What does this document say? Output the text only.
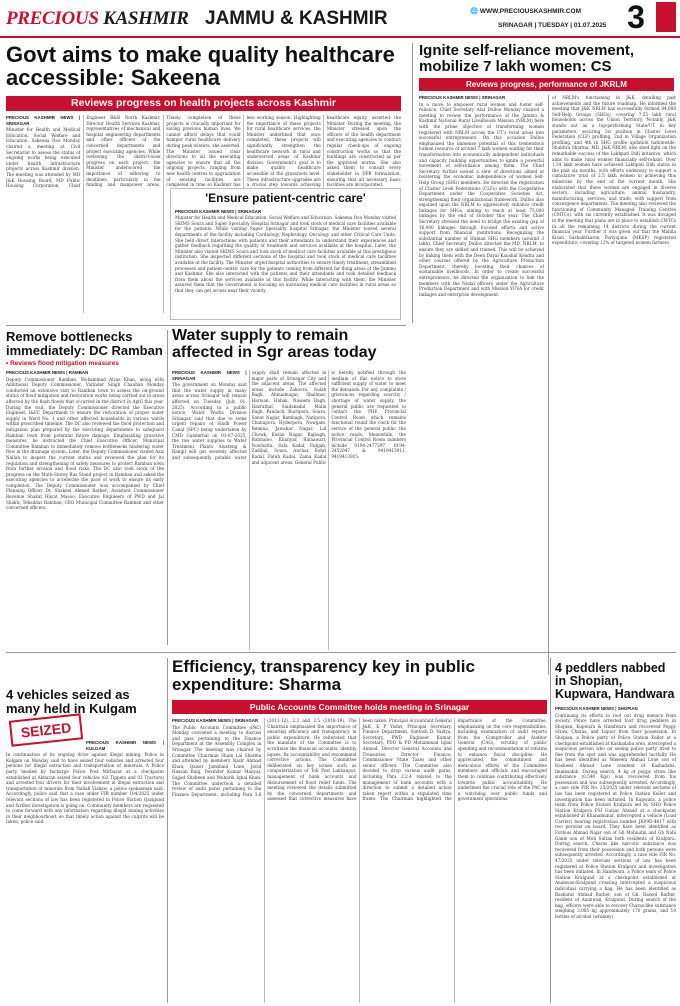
PRECIOUS KASHMIR JAMMU & KASHMIR	🌐 WWW.PRECIOUSKASHMIR.COM
SRINAGAR | TUESDAY | 01.07.2025 3
Govt aims to make quality healthcare accessible: Sakeena
Reviews progress on health projects across Kashmir
PRECIOUS KASHMIR NEWS | SRINAGAR

Minister for Health and Medical Education, Social Welfare and Education, Sakeena Itoo Monday chaired a meeting at Civil Secretariat to assess the status of ongoing works being executed under health infrastructure projects across Kashmir division. The meeting was attended by MD J&K Housing Board, MD Public Housing Corporation, Chief Engineer R&B North Kashmir, Director Health Services Kashmir, representatives of mechanical and hospital engineering departments and other officers of the concerned departments and project executing agencies. While reviewing the district-wise progress on each project, the Minister underscored the importance of adhering to deadlines, particularly in the funding and manpower areas. Timely completion of these projects is crucially important for saving precious human lives. We cannot afford delays that could hamper rural healthcare delivery during peak winters, she asserted. The Minister issued clear directions to all the executing agencies to ensure that all the ongoing projects, ranging from new health centres to upgradation of existing facilities, are completed in time so Kashmir has less working season. Highlighting the importance of these projects for rural healthcare services, the Minister underlined that once completed, these projects will significantly strengthen the healthcare network in rural and underserved areas of Kashmir division. Government's goal is to make quality healthcare accessible at the grassroots level. These infrastructure upgrades are a crucial step towards achieving healthcare equity, asserted the Minister. During the meeting, the Minister stressed upon the officers of the health department and executing agencies to conduct regular check-ups of ongoing construction works so that the buildings are constructed as per the approved norms. She also asked them to consult every stakeholder in DPR formulation, ensuring that all necessary basic facilities are incorporated.

'Ensure patient-centric care'
PRECIOUS KASHMIR NEWS | SRINAGAR

Minister for Health and Medical Education, Social Welfare and Education, Sakeena Itoo Monday visited SKIMS Soura and Super Speciality Hospital Srinagar and took stock of medical care facilities available for the patients. While visiting Super Speciality hospital Srinagar, the Minister toured several departments of the facility including Cardiology, Nephrology, Oncology and other Critical Care Units. She held direct interactions with patients and their attendants to understand their experiences and gather feedback regarding the quality of treatment and services available at the hospital. Later, the Minister also visited SKIMS Soura and took stock of medical care facilities available at this prestigious institution. She inspected different sections of the hospital and took stock of medical care facilities available at the facility. The Minister urged hospital authorities to ensure timely treatment, streamlined processes and patient-centric care for the patients coming from different far flung areas of the Jammu and Kashmir. She also interacted with the patients and their attendants and took detailed feedback from them about the services available at this facility. While interacting with them, the Minister assured them that the Government is focusing on increasing medical care facilities in rural areas so that they can get access near their vicinity.

Ignite self-reliance movement, mobilize 7 lakh women: CS
Reviews progress, performance of JKRLM
PRECIOUS KASHMIR NEWS | SRINAGAR

In a move to empower rural women and foster self-reliance, Chief Secretary Atal Dulloo Monday chaired a meeting to review the performance of the Jammu & Kashmir National Rural Livelihoods Mission (NRLM) here with the prime objective of transforming women registered with NRLM across the UT's rural areas into successful entrepreneurs. On this occasion Dulloo emphasized the immense potential of this tremendous human resource of around 7 lakh women waiting for their transformation into economically independent individuals and capacity building opportunities to ignite a powerful movement of self-reliance among them. The Chief Secretary further issued a slew of directions aimed at bolstering the economic independence of women Self-Help Group (SHG) members. He directed the registration of Cluster Level Federations (CLFs) with the Cooperative Department under the Cooperative Societies Act, strengthening their organizational framework. Dulloo also enjoined upon the NRLM to aggressively enhance credit linkages for SHGs, aiming to reach at least 75,000 linkages by the end of October this year. The Chief Secretary stressed the need to bridge the existing gap of 16,000 linkages through focused efforts and active support from financial institutions. Recognizing the substantial number of Human SHG members (around 3 lakh), Chief Secretary Dulloo directed the MD, NRLM, to ensure they are skilled and trained. This will be achieved by linking them with the Deen Dayal Kaushal Kendra and other courses offered by the Agriculture Production Department, thereby boosting their chances of sustainable livelihoods. In order to create successful entrepreneurs, he directed the organization to link the members with the Nodal officers under the Agriculture Production Department and with Mission YUVA for credit linkages and enterprise development.

of NRLM's functioning in J&K, detailing past achievements and the future roadmap. He informed the meeting that J&K NRLM has successfully formed 94,000 Self-Help Groups (SHGs), covering 7.55 lakh rural households across the Union Territory. Notably, J&K stands out as a top-performing State/UT in key parameters, securing 1st position in Cluster Level Federation (CLF) profiling, 2nd in Village Organization profiling, and 4th in SHG profile updation nationwide. Shubhra Sharma, MD, J&K NRLM, also shed light on the remarkable success of the Lakhpati Didi initiative, which aims to make rural women financially self-reliant. Over 1.54 lakh women have achieved Lakhpati Didi status in the past six months, with efforts underway to support a cumulative total of 2.5 lakh women in achieving this milestone by the end of the current month. She elaborated that these women are engaged in diverse sectors, including agriculture, animal husbandry, manufacturing, services, and trade, with support from convergence departments. The meeting also reviewed the functioning of Community Managed Training Centres (CMTCs), with six currently established. It was divulged in the meeting that plans are in place to establish CMTCs in all the remaining 14 districts during the current financial year. Further it was given out that the Mahila Kisan Sashaktikaran Pariyojana (MKSP) registered expenditure, covering 12% of targeted women farmers.

Remove bottlenecks immediately: DC Ramban
• Reviews flood mitigation measures
PRECIOUS KASHMIR NEWS | RAMBAN

Deputy Commissioner Ramban, Mohammad Alyas Khan, along with Additional Deputy Commissioner, Varinder Singh Chauhan Monday conducted an extensive visit to Ramban town to assess the on-ground status of flood mitigation and restoration works being carried out in areas affected by the flash floods that occurred in the district in April this year. During the visit, the Deputy Commissioner directed the Executive Engineer, I&FC Department to ensure the restoration of proper water supply in Ward No. 1 and other affected households in various wards within prescribed timeline. The DC also reviewed the flood protection and mitigation plan prepared by the executing departments to safeguard Ramban town from potential future damage. Emphasizing proactive measures, he instructed the Chief Executive Officer, Municipal Committee Ramban to immediately remove bottlenecks hindering water flow in the drainage system. Later, the Deputy Commissioner visited Aziz Nallah to inspect the current status and reviewed the plan for its regulation and strengthening of safety measures to protect Ramban town from further erosion and flood risks. The DC also took stock of the progress on the Multi-Storey Bus Stand project in Ramban and asked the executing agencies to accelerate the pace of work to ensure its early completion. The Deputy Commissioner was accompanied by Chief Planning Officer Dr. Shakeel Ahmed Rather; Assistant Commissioner Revenue Shakat Hayat Masoo; Executive Engineers of PWD and Jal Shakti; Tehsildar Ramban; CEO Municipal Committee Ramban and other concerned officers.

Water supply to remain affected in Sgr areas today
PRECIOUS KASHMIR NEWS | SRINAGAR

The government on Monday said that the water supply in many areas across Srinagar will remain affected on Tuesday (July 01, 2025). According to a public notice, Water Works Division Srinagar, said that due to some urgent repairs of Sindh Power Canal (SPC) being undertaken by CMD Ganderbal on 01-07-2025, the raw water supplies to Water Treatment Plants Alusteng & Rangil will get severely affected and subsequently potable water supply shall remain affected in major parts of Srinagar City and the adjacent areas. The affected areas include Zakoora, Gulab Bagh, Ahmadnagar, Shalimar, Harwan, Habak, Naseem Bagh, Hazratbal, Saidakadal, Malla Bagh, Pandach, Buchpora, Soura, Sanat Nagar, Rambagh, Natipora, Chanapora, Hyderpora, Nowgam, Bemina, Jawahar Nagar, Lal Chowk, Karan Nagar, Rajbagh, Batmaloo, Khanyar, Rainawari, Nowhatta, Safa Kadal, Eidgah, Zadibal, Soura, Anchar, Bohri Kadal, Fateh Kadal, Zaina Kadal and adjacent areas. General Public is hereby notified through the medium of this notice to store sufficient supply of water to meet the demands. For any complaints / grievances regarding scarcity / shortage of water supply, the general public are requested to contact the PHE Provincial Control Room which remains functional round the clock for the service of the general public, the notice reads. Meanwhile, the Provincial Control Room numbers include 0194-2477297, 0194-2452047 & 9419413911, 9419413915.

4 vehicles seized as many held in Kulgam
SEIZED
PRECIOUS KASHMIR NEWS | KULGAM

In continuation of its ongoing drive against illegal mining, Police in Kulgam on Monday said to have seized four vehicles and arrested four persons for illegal extraction and transportation of minerals. A Police party headed by Incharge Police Post Mirbazar at a checkpoint established at Akbaran seized four vehicles (02 Tippers and 02 Tractors) and arrested four drivers for their involvement in illegal extraction and transportation of minerals from Nallah Vishaw, a police spokesman said. Accordingly, police said that a case under FIR number 104/2025 under relevant sections of law has been registered in Police Station Qazigund and further investigation is going on. Community members are requested to come forward with any information regarding illegal mining activities in their neighbourhood, so that timely action against the culprits will be taken, police said.

Efficiency, transparency key in public expenditure: Sharma
Public Accounts Committee holds meeting in Srinagar
PRECIOUS KASHMIR NEWS | SRINAGAR

The Public Accounts Committee (PAC) Monday convened a meeting to discuss and pass pertaining to the Finance Department at the Assembly Complex in Srinagar. The meeting was chaired by Committee Chairman Sham Lal Sharma and attended by members Nazir Ahmad Khan, Qaiser Jamshaid Lone, Javid Hassan Baig, Devinder Kumar Manyal, Sajjad Shaheen and Mubarik Iqbal Khan. The Committee undertook a detailed review of audit paras pertaining to the Finance Department, including Para 3.6 (2011-12), 2.2 and 2.5 (2018-19). The Chairman emphasized the importance of ensuring efficiency and transparency in public expenditure. He reiterated that the mandate of the Committee is to scrutinize the financial accounts, identify lapses, fix accountability and recommend corrective actions. The Committee deliberated on key issues such as computerization of Toll Post Lakhanpur, management of bank accounts and disbursement of flood relief funds. The meeting reviewed the details submitted by the concerned departments and assessed that corrective measures have been taken. Principal Accountant General J&K, K P Yadav, Principal Secretary, Finance Department, Santosh D. Vaidya, Secretary, PWD Engineer Kumar, Secretary, PDD & PD Mohammad Iqbal Ahmad, Director General Accounts and Treasuries, Director Finance, Commissioner State Taxes and other senior officers. The Committee also decided to drop various audit paras, including Para 2.2.4 related to the management of bank accounts with a direction to submit a detailed action taken report within a stipulated time frame. The Chairman highlighted the importance of the Committee, emphasizing on the core responsibilities, including examination of audit reports from the Comptroller and Auditor General (CAG), scrutiny of public spending and recommendation of reforms to enhance fiscal discipline. He appreciated the commitment and meticulous efforts of the Committee members and officials and encouraged them to continue contributing effectively towards public accountability. He underlined the crucial role of the PAC as a watchdog over public funds and government operations.

4 peddlers nabbed in Shopian, Kupwara, Handwara
PRECIOUS KASHMIR NEWS | SHOPIAN

Continuing its efforts to root out drug menace from society, Police have arrested four drug peddlers in Shopian, Kupwara & Handwara and recovered Poppy Straw, Charas, and Liquor from their possession. In Shopian, a Police party of Police Station Keller at a checkpoint established at Kashadaba area, intercepted a suspicious person who on seeing police party tried to flee from the spot and was apprehended tactfully. He has been identified as Waseem Ahmad Lone son of Rasheed Ahmad Lone resident of Kashadaba, Imamsahib. During search, 4 kg of poppy straw like substance (0.540 Kgs) was recovered from his possession and was subsequently arrested. Accordingly, a case vide FIR No. 25/2025 under relevant sections of law has been registered at Police Station Keller and investigation has been initiated. In Kupwara, a police team from Police Station Kralpora led by SHO Police Station Kralpora PSI Gulzar Ahmad at a checkpoint established at Khanamunar, intercepted a vehicle (Load Carrier) bearing registration number JK09D-4617 with two persons on board. They have been identified as Firdous Ahmad Najar son of Gh Mohiudin and Gh Nabi Ganie son of Moh Sultan both residents of Kralpora. During search, Charas like narcotic substance was recovered from their possession and both persons were subsequently arrested. Accordingly, a case vide FIR No. 47/2025 under relevant sections of law has been registered at Police Station Kralpora and investigation has been initiated. In Handwara, a Police team of Police Station Kralgund at a checkpoint established at Ananwan-Kralgund crossing intercepted a suspicious individual carrying a bag. He has been identified as Basharat Ahmad Rather, son of Gh. Rasool Rather, resident of Ananwan, Kralgund. During search of the bag, officers were able to recover Charas-like substance weighing 3.085 kg approximately 170 grams, and 10 bottles of alcohol (whiskey).
